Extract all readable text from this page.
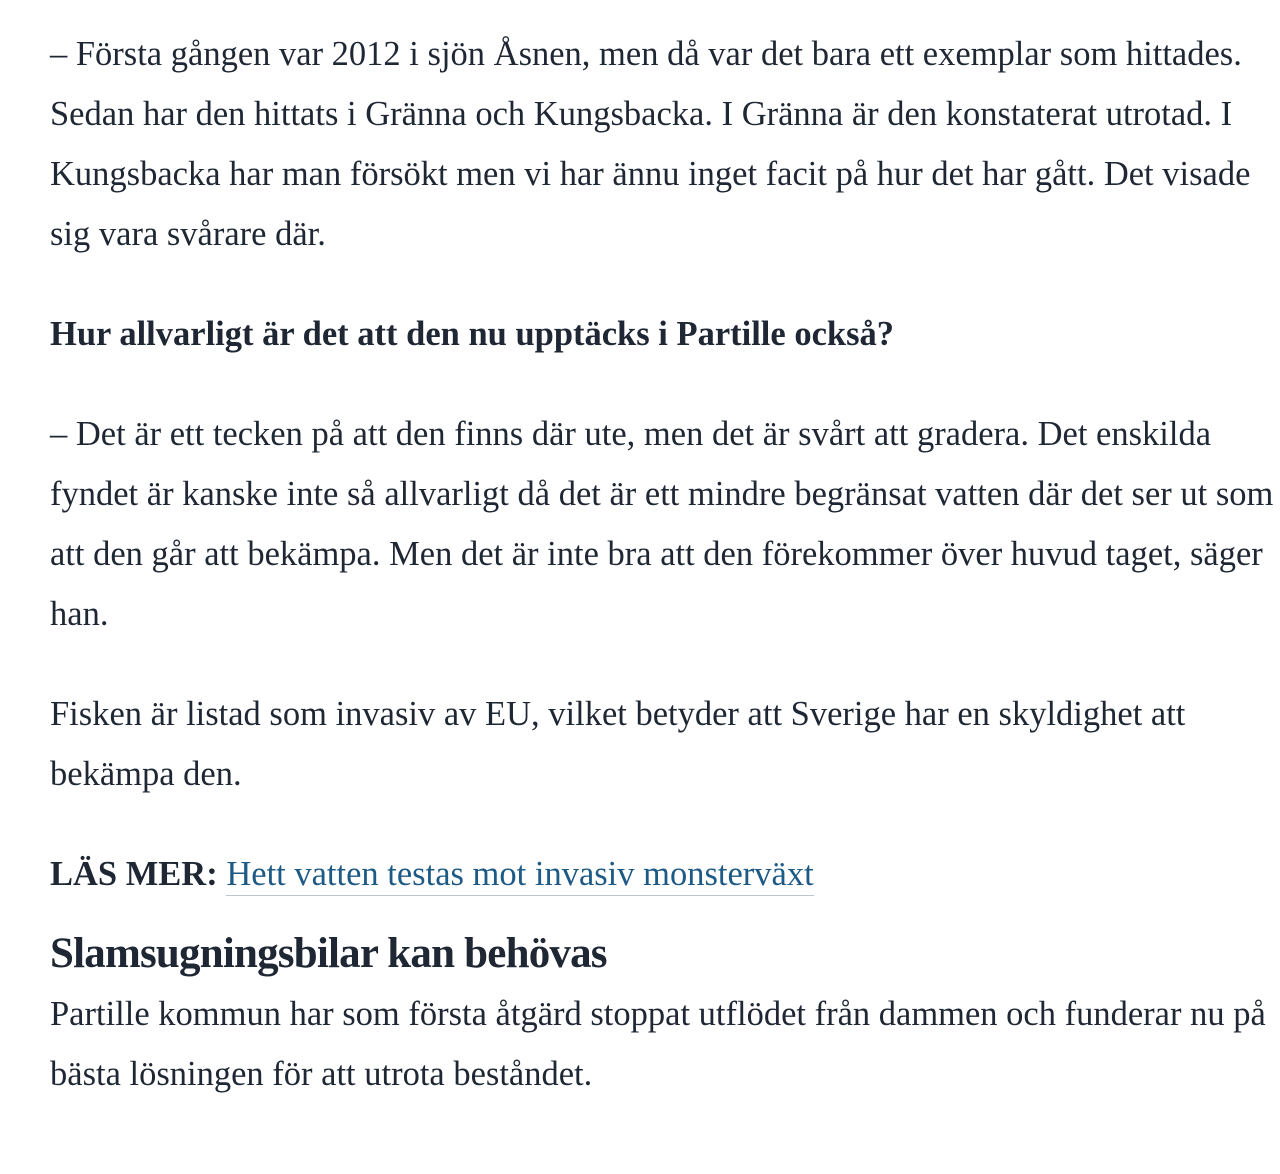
– Första gången var 2012 i sjön Åsnen, men då var det bara ett exemplar som hittades. Sedan har den hittats i Gränna och Kungsbacka. I Gränna är den konstaterat utrotad. I Kungsbacka har man försökt men vi har ännu inget facit på hur det har gått. Det visade sig vara svårare där.

Hur allvarligt är det att den nu upptäcks i Partille också?

– Det är ett tecken på att den finns där ute, men det är svårt att gradera. Det enskilda fyndet är kanske inte så allvarligt då det är ett mindre begränsat vatten där det ser ut som att den går att bekämpa. Men det är inte bra att den förekommer över huvud taget, säger han.

Fisken är listad som invasiv av EU, vilket betyder att Sverige har en skyldighet att bekämpa den.

LÄS MER: Hett vatten testas mot invasiv monsterväxt

Slamsugningsbilar kan behövas

Partille kommun har som första åtgärd stoppat utflödet från dammen och funderar nu på bästa lösningen för att utrota beståndet.
